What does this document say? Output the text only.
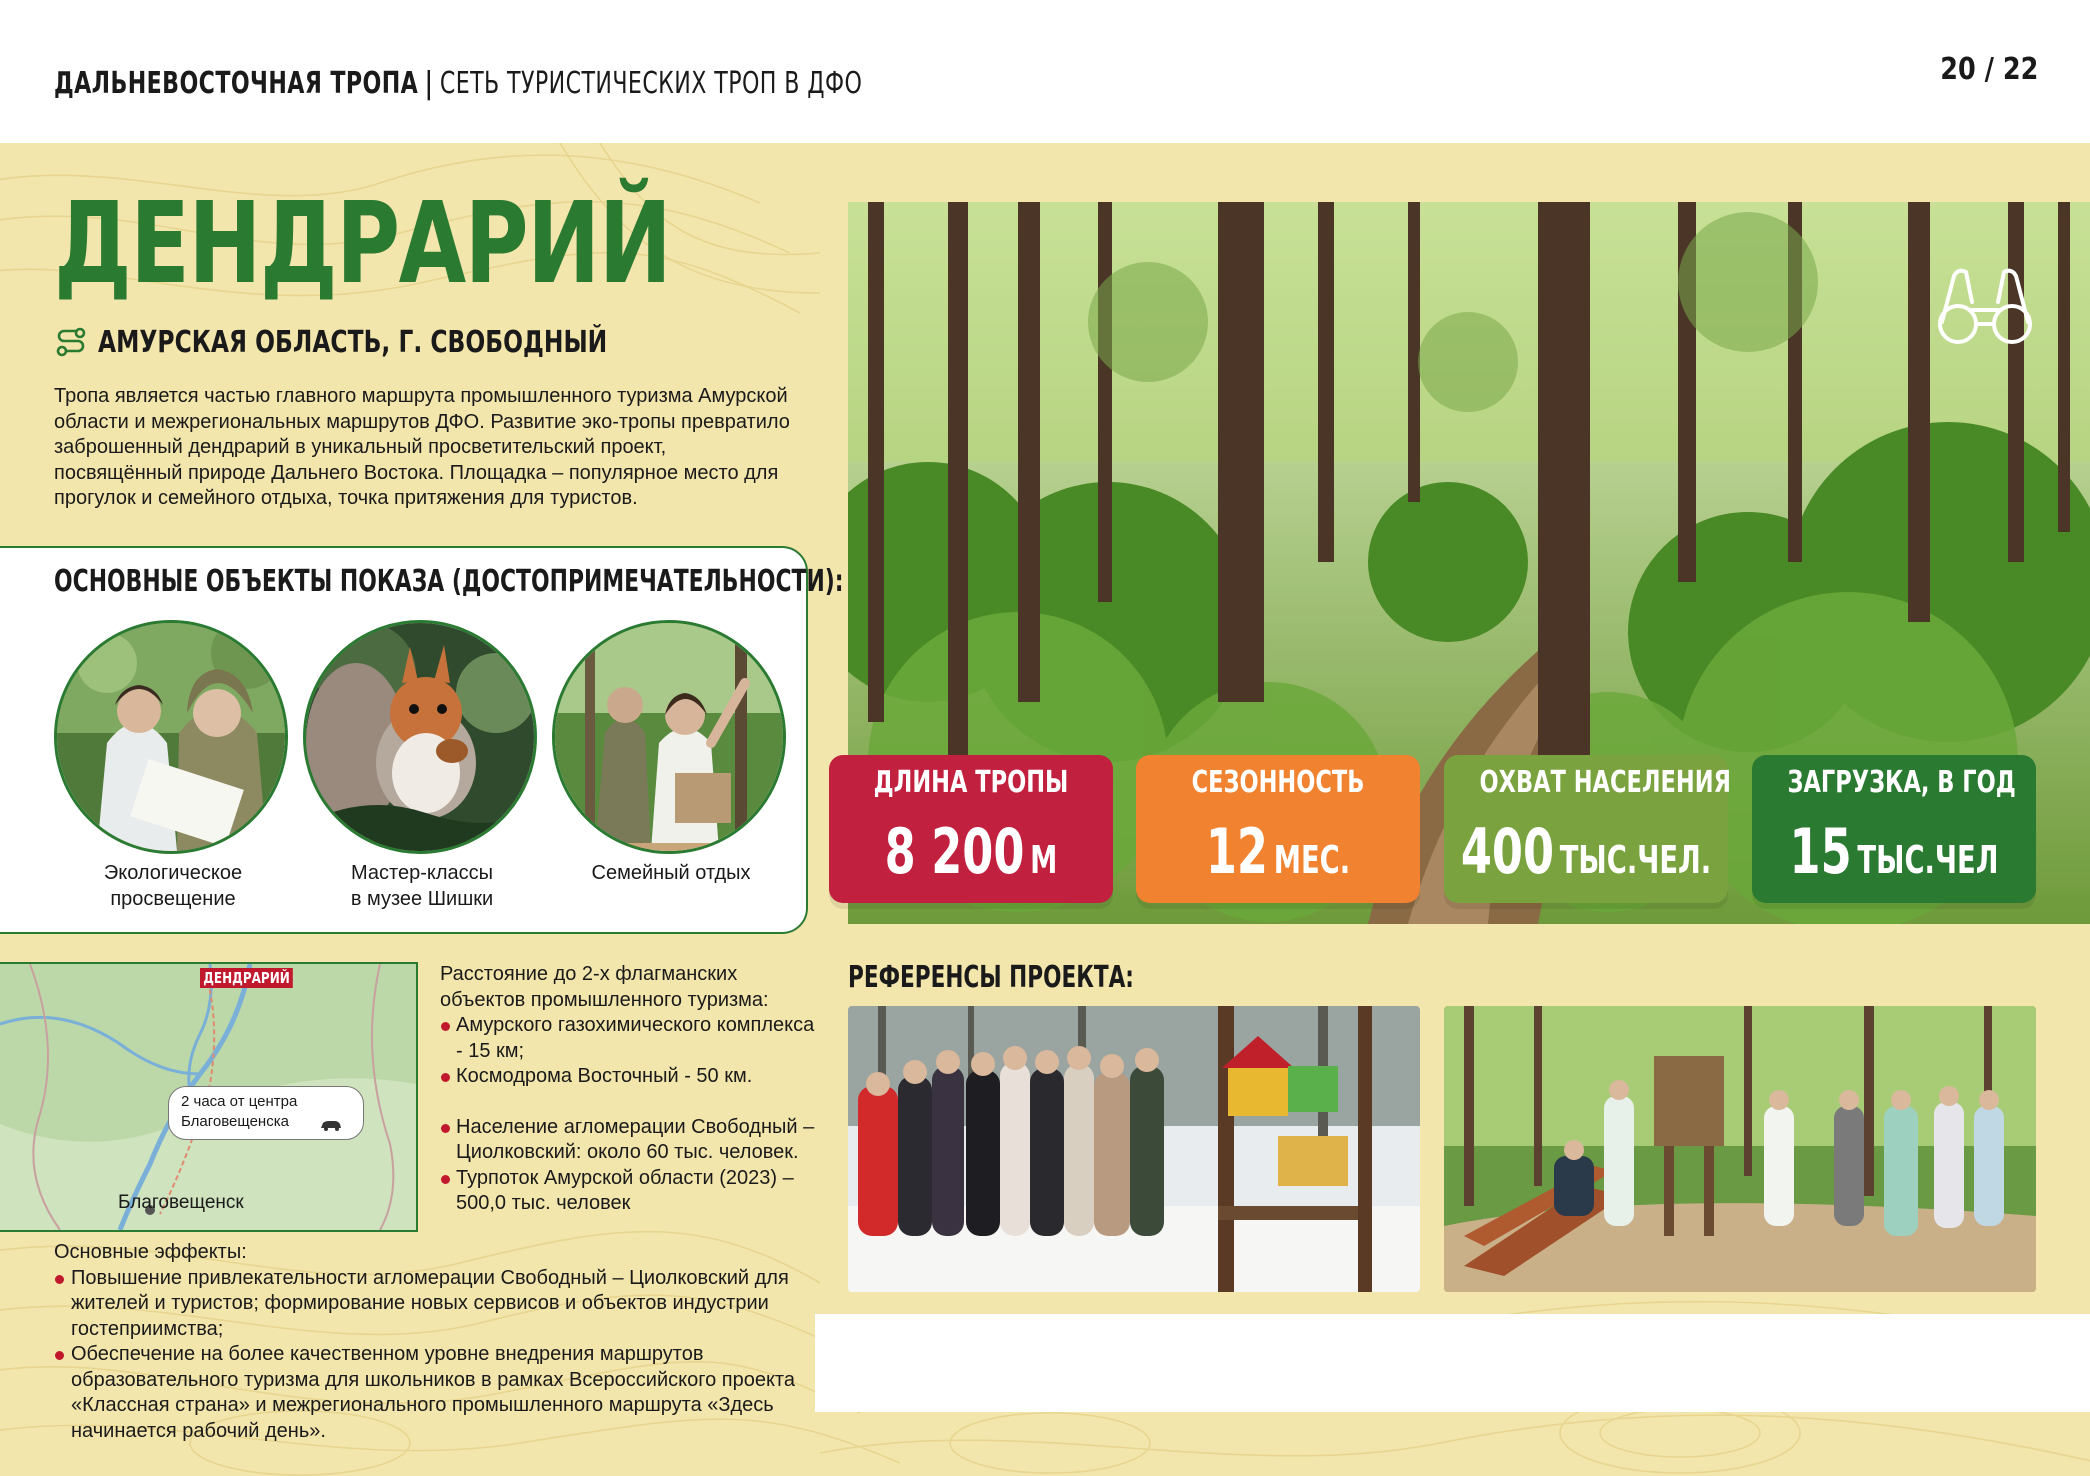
ДАЛЬНЕВОСТОЧНАЯ ТРОПА | СЕТЬ ТУРИСТИЧЕСКИХ ТРОП В ДФО	20 / 22
ДЕНДРАРИЙ
АМУРСКАЯ ОБЛАСТЬ, Г. СВОБОДНЫЙ
Тропа является частью главного маршрута промышленного туризма Амурской области и межрегиональных маршрутов ДФО. Развитие эко-тропы превратило заброшенный дендрарий в уникальный просветительский проект, посвящённый природе Дальнего Востока. Площадка – популярное место для прогулок и семейного отдыха, точка притяжения для туристов.
ОСНОВНЫЕ ОБЪЕКТЫ ПОКАЗА (ДОСТОПРИМЕЧАТЕЛЬНОСТИ):
Экологическое
просвещение
Мастер-классы
в музее Шишки
Семейный отдых
ДЛИНА ТРОПЫ
8 200 М
СЕЗОННОСТЬ
12 МЕС.
ОХВАТ НАСЕЛЕНИЯ
400 ТЫС.ЧЕЛ.
ЗАГРУЗКА, В ГОД
15 ТЫС.ЧЕЛ
ДЕНДРАРИЙ
2 часа от центра
Благовещенска
Благовещенск
Расстояние до 2-х флагманских объектов промышленного туризма:
Амурского газохимического комплекса - 15 км;
Космодрома Восточный - 50 км.
Население агломерации Свободный – Циолковский: около 60 тыс. человек.
Турпоток Амурской области (2023) – 500,0 тыс. человек
Основные эффекты:
Повышение привлекательности агломерации Свободный – Циолковский для жителей и туристов; формирование новых сервисов и объектов индустрии гостеприимства;
Обеспечение на более качественном уровне внедрения маршрутов образовательного туризма для школьников в рамках Всероссийского проекта «Классная страна» и межрегионального промышленного маршрута «Здесь начинается рабочий день».
РЕФЕРЕНСЫ ПРОЕКТА:
